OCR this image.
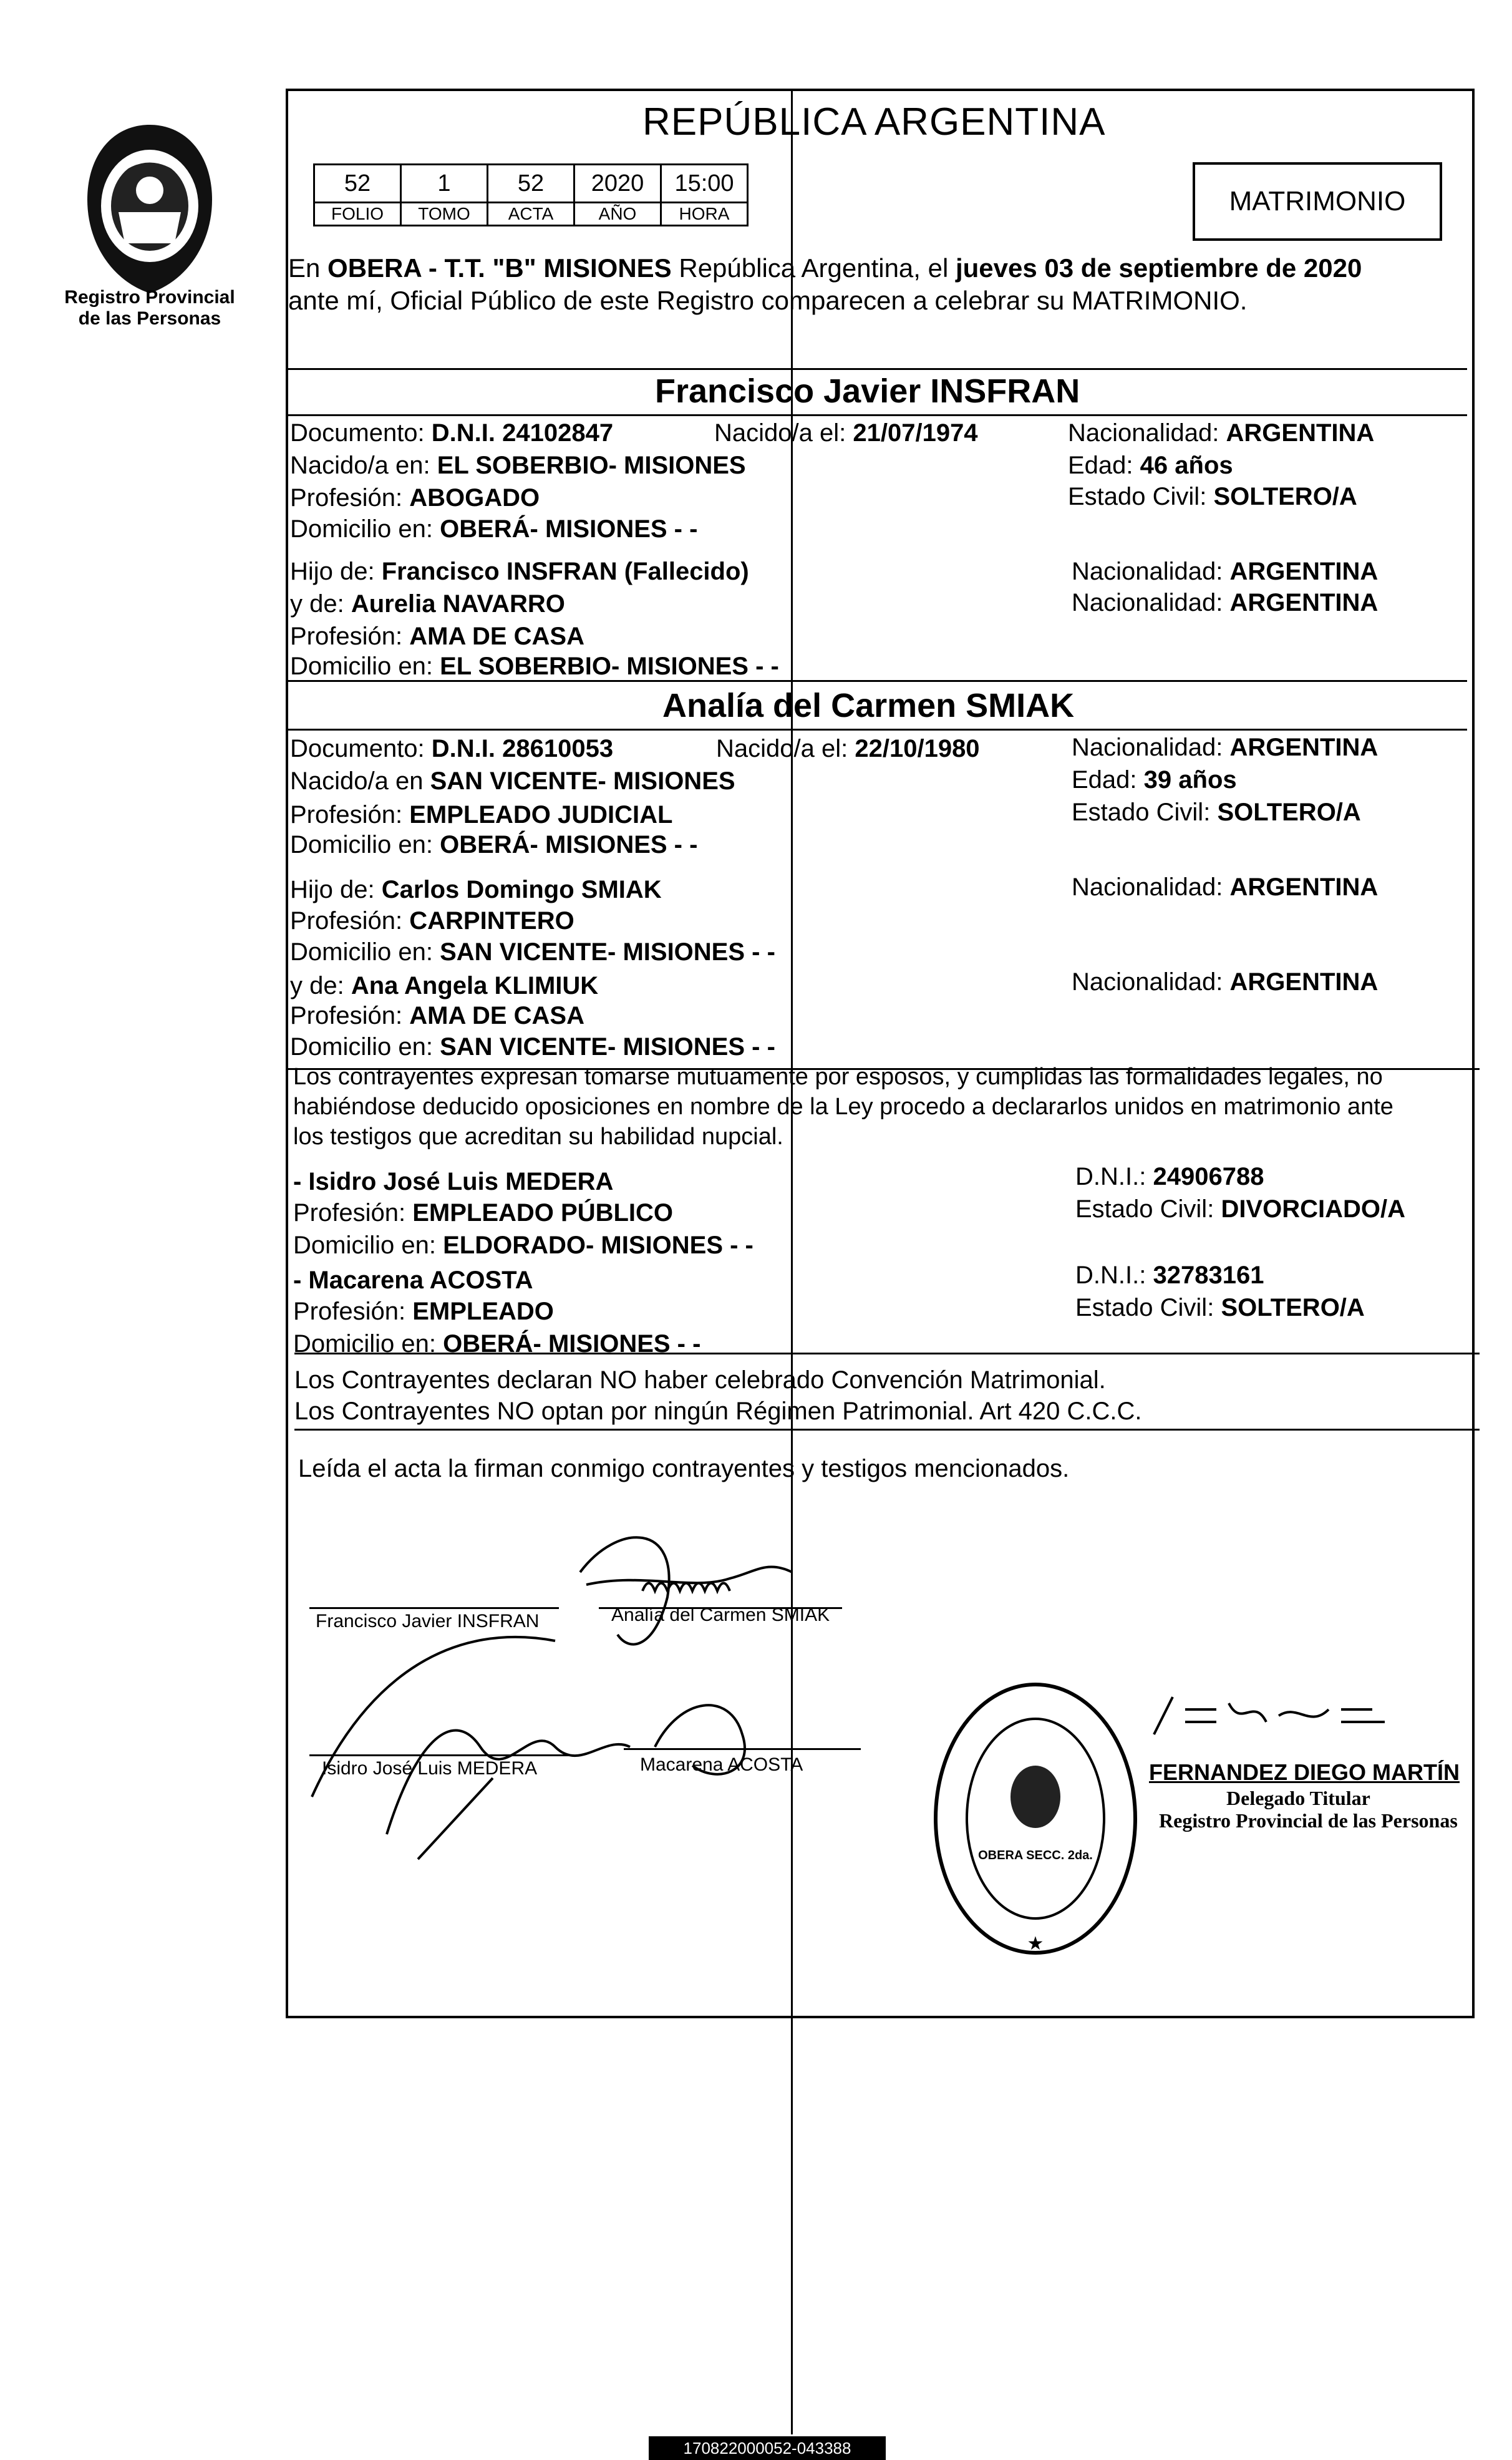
Registro Provincial
de las Personas
REPÚBLICA ARGENTINA
52	1	52	2020	15:00
FOLIO	TOMO	ACTA	AÑO	HORA	MATRIMONIO
En OBERA - T.T. "B" MISIONES República Argentina, el jueves 03 de septiembre de 2020
ante mí, Oficial Público de este Registro comparecen a celebrar su MATRIMONIO.
Francisco Javier INSFRAN
Documento: D.N.I. 24102847	Nacido/a el: 21/07/1974	Nacionalidad: ARGENTINA
Nacido/a en: EL SOBERBIO- MISIONES	Edad: 46 años
Profesión: ABOGADO	Estado Civil: SOLTERO/A
Domicilio en: OBERÁ- MISIONES - -
Hijo de: Francisco INSFRAN (Fallecido)	Nacionalidad: ARGENTINA
y de: Aurelia NAVARRO	Nacionalidad: ARGENTINA
Profesión: AMA DE CASA
Domicilio en: EL SOBERBIO- MISIONES - -
Analía del Carmen SMIAK
Documento: D.N.I. 28610053	Nacido/a el: 22/10/1980	Nacionalidad: ARGENTINA
Nacido/a en SAN VICENTE- MISIONES	Edad: 39 años
Profesión: EMPLEADO JUDICIAL	Estado Civil: SOLTERO/A
Domicilio en: OBERÁ- MISIONES - -
Hijo de: Carlos Domingo SMIAK	Nacionalidad: ARGENTINA
Profesión: CARPINTERO
Domicilio en: SAN VICENTE- MISIONES - -
y de: Ana Angela KLIMIUK	Nacionalidad: ARGENTINA
Profesión: AMA DE CASA
Domicilio en: SAN VICENTE- MISIONES - -
Los contrayentes expresan tomarse mutuamente por esposos, y cumplidas las formalidades legales, no
habiéndose deducido oposiciones en nombre de la Ley procedo a declararlos unidos en matrimonio ante
los testigos que acreditan su habilidad nupcial.
- Isidro José Luis MEDERA	D.N.I.: 24906788
Profesión: EMPLEADO PÚBLICO	Estado Civil: DIVORCIADO/A
Domicilio en: ELDORADO- MISIONES - -
- Macarena ACOSTA	D.N.I.: 32783161
Profesión: EMPLEADO	Estado Civil: SOLTERO/A
Domicilio en: OBERÁ- MISIONES - -
Los Contrayentes declaran NO haber celebrado Convención Matrimonial.
Los Contrayentes NO optan por ningún Régimen Patrimonial. Art 420 C.C.C.
Leída el acta la firman conmigo contrayentes y testigos mencionados.
Francisco Javier INSFRAN	Analía del Carmen SMIAK
Isidro José Luis MEDERA	Macarena ACOSTA
OBERA SECC. 2da.
★
FERNANDEZ DIEGO MARTÍN
Delegado Titular
Registro Provincial de las Personas
170822000052-043388
